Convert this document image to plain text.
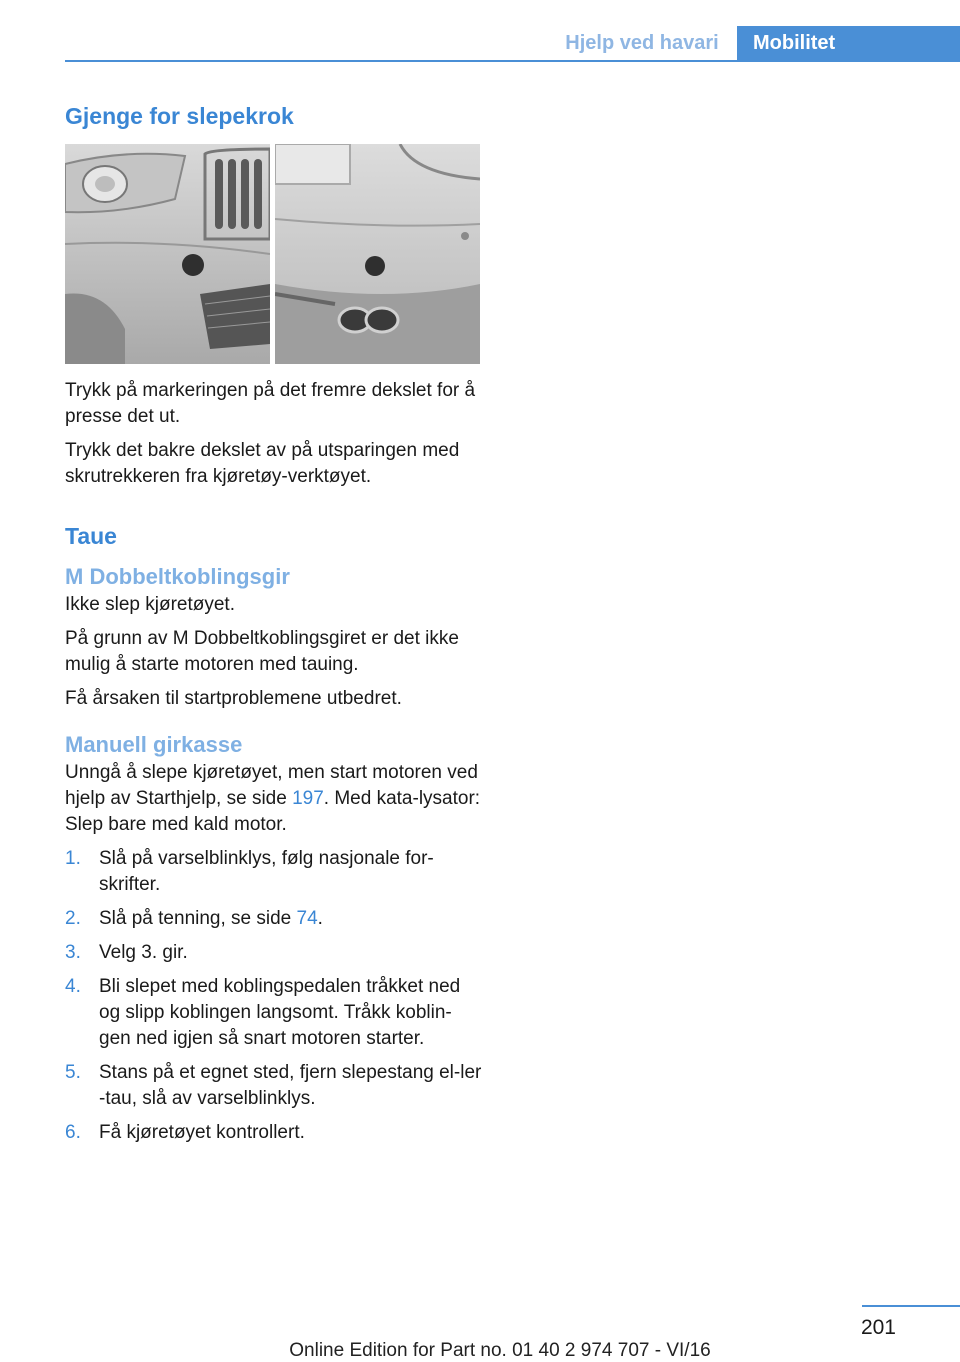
Hjelp ved havari	Mobilitet
Gjenge for slepekrok

Trykk på markeringen på det fremre dekslet for å presse det ut.

Trykk det bakre dekslet av på utsparingen med skrutrekkeren fra kjøretøy-verktøyet.

Taue
M Dobbeltkoblingsgir

Ikke slep kjøretøyet.

På grunn av M Dobbeltkoblingsgiret er det ikke mulig å starte motoren med tauing.

Få årsaken til startproblemene utbedret.

Manuell girkasse

Unngå å slepe kjøretøyet, men start motoren ved hjelp av Starthjelp, se side 197. Med kata-lysator: Slep bare med kald motor.

1. Slå på varselblinklys, følg nasjonale for-skrifter.
2. Slå på tenning, se side 74.
3. Velg 3. gir.
4. Bli slepet med koblingspedalen tråkket ned og slipp koblingen langsomt. Tråkk koblin-gen ned igjen så snart motoren starter.
5. Stans på et egnet sted, fjern slepestang el-ler -tau, slå av varselblinklys.
6. Få kjøretøyet kontrollert.
201
Online Edition for Part no. 01 40 2 974 707 - VI/16
